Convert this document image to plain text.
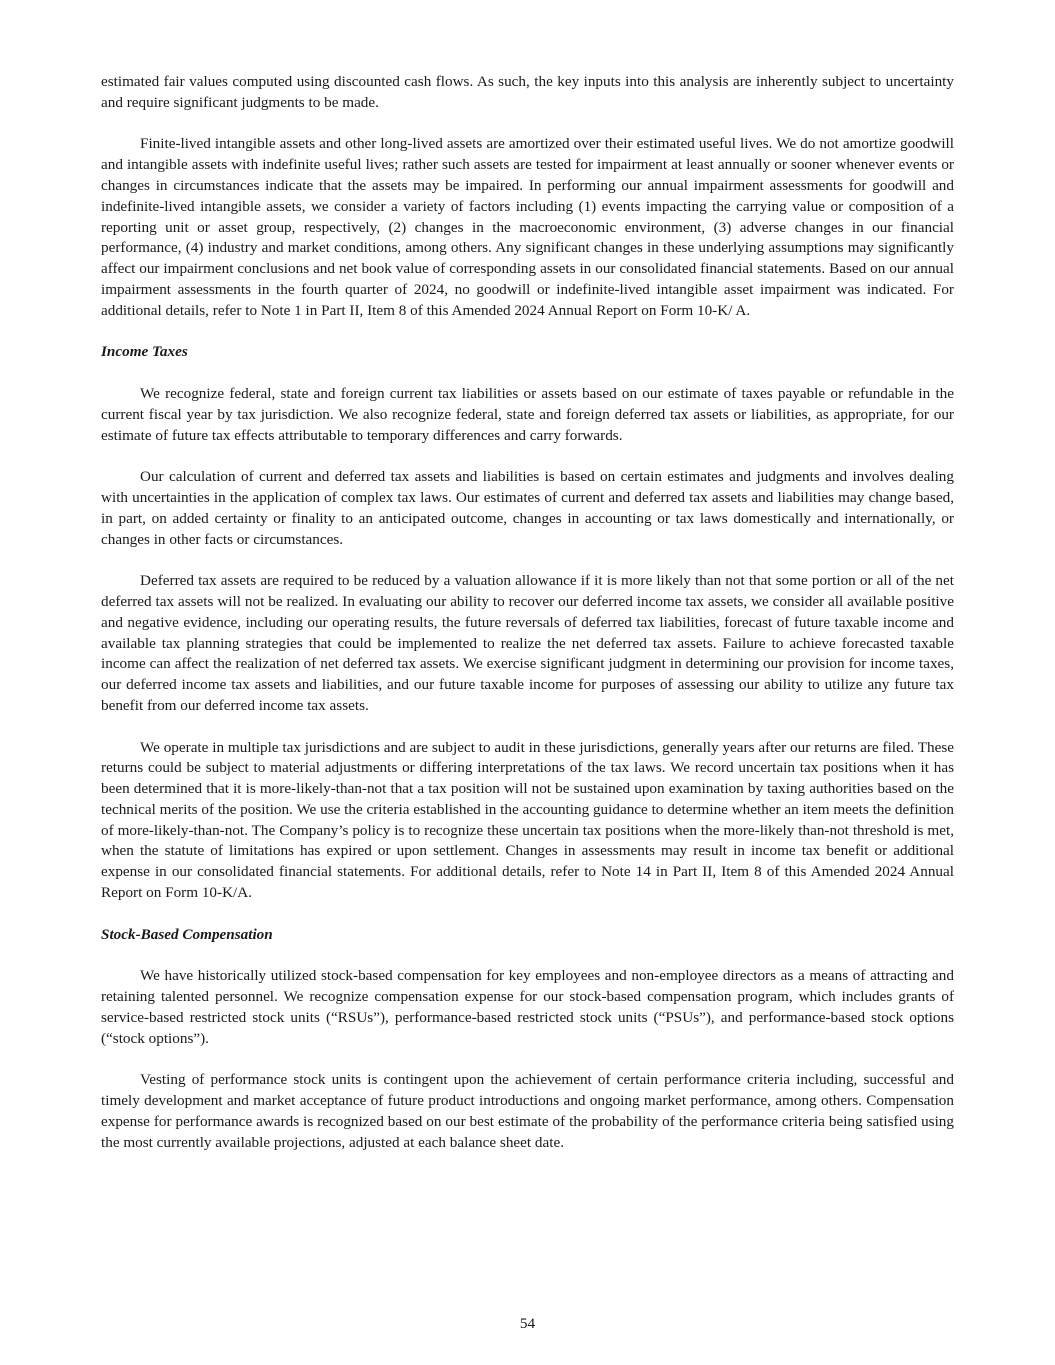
estimated fair values computed using discounted cash flows. As such, the key inputs into this analysis are inherently subject to uncertainty and require significant judgments to be made.

Finite-lived intangible assets and other long-lived assets are amortized over their estimated useful lives. We do not amortize goodwill and intangible assets with indefinite useful lives; rather such assets are tested for impairment at least annually or sooner whenever events or changes in circumstances indicate that the assets may be impaired. In performing our annual impairment assessments for goodwill and indefinite-lived intangible assets, we consider a variety of factors including (1) events impacting the carrying value or composition of a reporting unit or asset group, respectively, (2) changes in the macroeconomic environment, (3) adverse changes in our financial performance, (4) industry and market conditions, among others. Any significant changes in these underlying assumptions may significantly affect our impairment conclusions and net book value of corresponding assets in our consolidated financial statements. Based on our annual impairment assessments in the fourth quarter of 2024, no goodwill or indefinite-lived intangible asset impairment was indicated. For additional details, refer to Note 1 in Part II, Item 8 of this Amended 2024 Annual Report on Form 10-K/ A.

Income Taxes

We recognize federal, state and foreign current tax liabilities or assets based on our estimate of taxes payable or refundable in the current fiscal year by tax jurisdiction. We also recognize federal, state and foreign deferred tax assets or liabilities, as appropriate, for our estimate of future tax effects attributable to temporary differences and carry forwards.

Our calculation of current and deferred tax assets and liabilities is based on certain estimates and judgments and involves dealing with uncertainties in the application of complex tax laws. Our estimates of current and deferred tax assets and liabilities may change based, in part, on added certainty or finality to an anticipated outcome, changes in accounting or tax laws domestically and internationally, or changes in other facts or circumstances.

Deferred tax assets are required to be reduced by a valuation allowance if it is more likely than not that some portion or all of the net deferred tax assets will not be realized. In evaluating our ability to recover our deferred income tax assets, we consider all available positive and negative evidence, including our operating results, the future reversals of deferred tax liabilities, forecast of future taxable income and available tax planning strategies that could be implemented to realize the net deferred tax assets. Failure to achieve forecasted taxable income can affect the realization of net deferred tax assets. We exercise significant judgment in determining our provision for income taxes, our deferred income tax assets and liabilities, and our future taxable income for purposes of assessing our ability to utilize any future tax benefit from our deferred income tax assets.

We operate in multiple tax jurisdictions and are subject to audit in these jurisdictions, generally years after our returns are filed. These returns could be subject to material adjustments or differing interpretations of the tax laws. We record uncertain tax positions when it has been determined that it is more-likely-than-not that a tax position will not be sustained upon examination by taxing authorities based on the technical merits of the position. We use the criteria established in the accounting guidance to determine whether an item meets the definition of more-likely-than-not. The Company’s policy is to recognize these uncertain tax positions when the more-likely than-not threshold is met, when the statute of limitations has expired or upon settlement. Changes in assessments may result in income tax benefit or additional expense in our consolidated financial statements. For additional details, refer to Note 14 in Part II, Item 8 of this Amended 2024 Annual Report on Form 10-K/A.

Stock-Based Compensation

We have historically utilized stock-based compensation for key employees and non-employee directors as a means of attracting and retaining talented personnel. We recognize compensation expense for our stock-based compensation program, which includes grants of service-based restricted stock units (“RSUs”), performance-based restricted stock units (“PSUs”), and performance-based stock options (“stock options”).

Vesting of performance stock units is contingent upon the achievement of certain performance criteria including, successful and timely development and market acceptance of future product introductions and ongoing market performance, among others. Compensation expense for performance awards is recognized based on our best estimate of the probability of the performance criteria being satisfied using the most currently available projections, adjusted at each balance sheet date.

54
